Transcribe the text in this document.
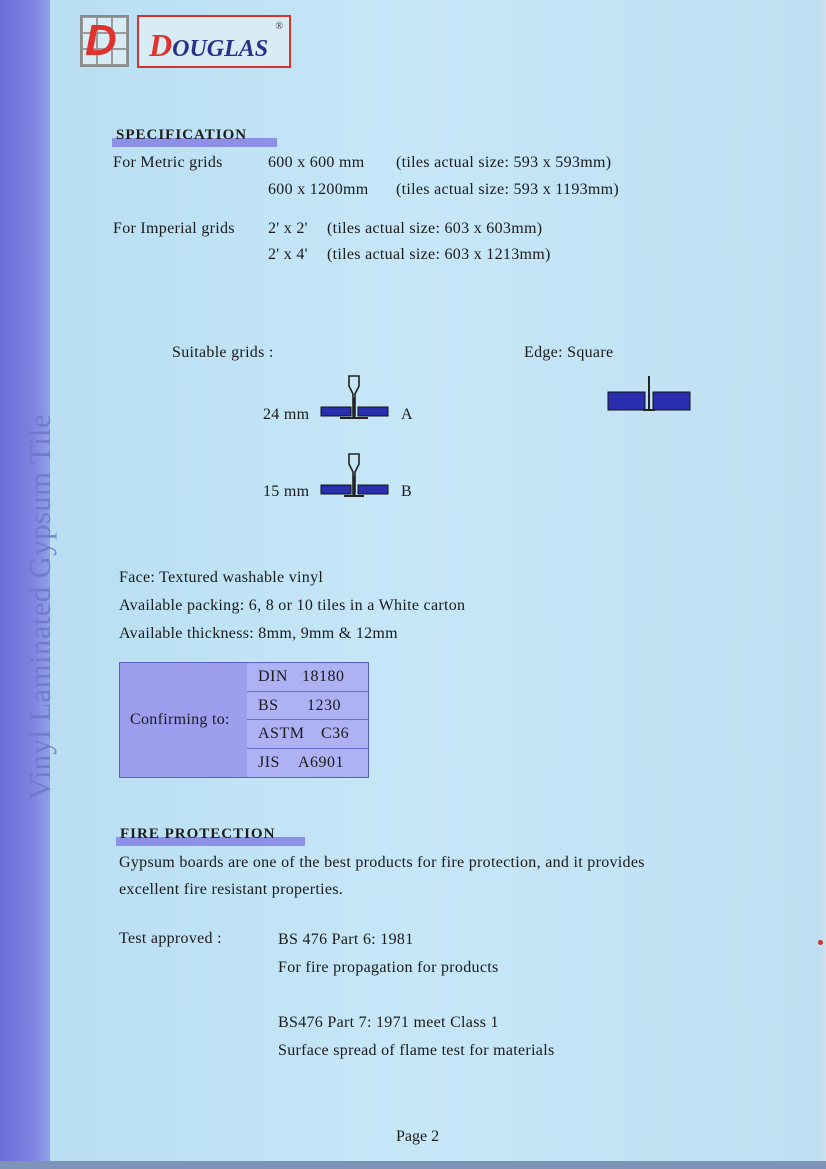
Vinyl Laminated Gypsum Tile
D DOUGLAS
®
SPECIFICATION
For Metric grids	600 x 600 mm (tiles actual size: 593 x 593mm)
600 x 1200mm (tiles actual size: 593 x 1193mm)
For Imperial grids 2' x 2' (tiles actual size: 603 x 603mm)
2' x 4' (tiles actual size: 603 x 1213mm)
Suitable grids :	Edge: Square
24 mm	A
15 mm	B
Face: Textured washable vinyl
Available packing: 6, 8 or 10 tiles in a White carton
Available thickness: 8mm, 9mm & 12mm
Confirming to:
DIN 18180
BS 1230
ASTM C36
JIS A6901
FIRE PROTECTION
Gypsum boards are one of the best products for fire protection, and it provides
excellent fire resistant properties.
Test approved :	BS 476 Part 6: 1981
For fire propagation for products
BS476 Part 7: 1971 meet Class 1
Surface spread of flame test for materials
Page 2
